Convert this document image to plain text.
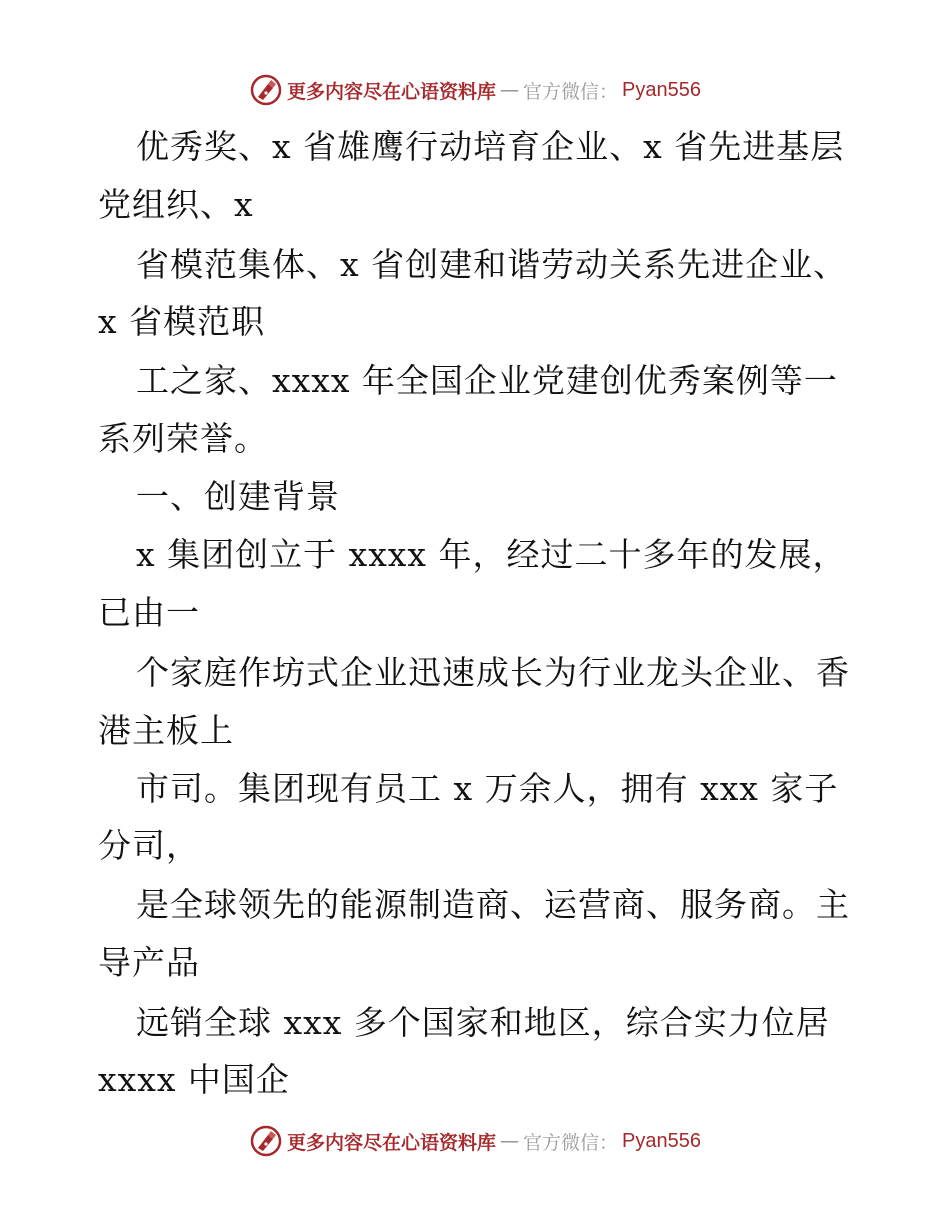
更多内容尽在心语资料库 — 官方微信： Pyan556
优秀奖、x 省雄鹰行动培育企业、x 省先进基层
党组织、x
省模范集体、x 省创建和谐劳动关系先进企业、
x 省模范职
工之家、xxxx 年全国企业党建创优秀案例等一
系列荣誉。
一、创建背景
x 集团创立于 xxxx 年，经过二十多年的发展，
已由一
个家庭作坊式企业迅速成长为行业龙头企业、香
港主板上
市司。集团现有员工 x 万余人，拥有 xxx 家子
分司，
是全球领先的能源制造商、运营商、服务商。主
导产品
远销全球 xxx 多个国家和地区，综合实力位居
xxxx 中国企
更多内容尽在心语资料库 — 官方微信： Pyan556
